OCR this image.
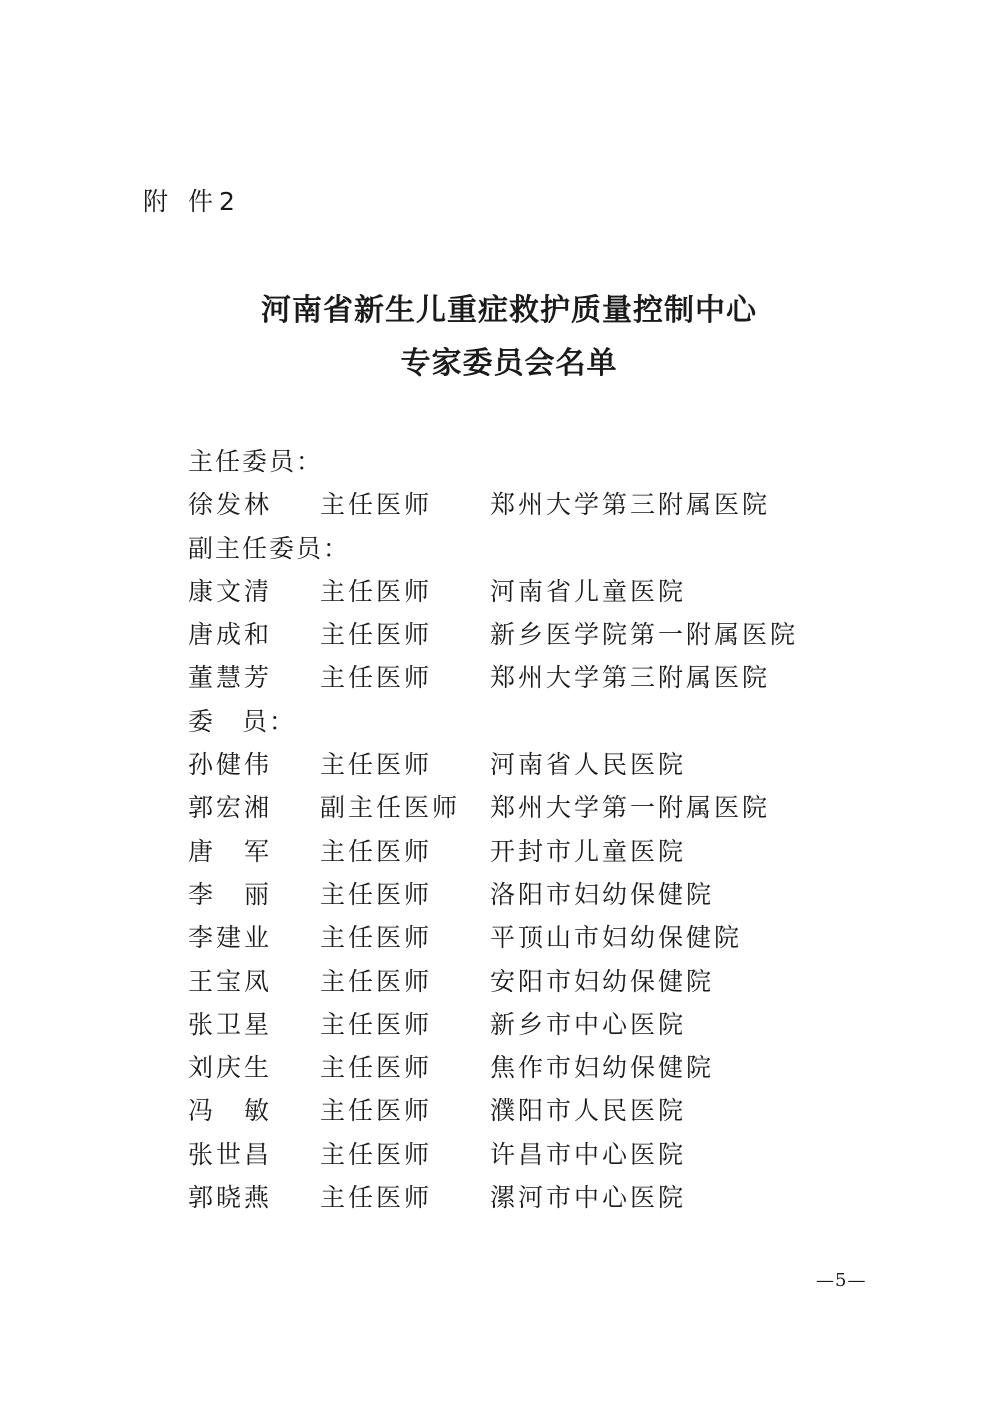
附 件2
河南省新生儿重症救护质量控制中心
专家委员会名单
主任委员：
徐发林 主任医师 郑州大学第三附属医院
副主任委员：
康文清 主任医师 河南省儿童医院
唐成和 主任医师 新乡医学院第一附属医院
董慧芳 主任医师 郑州大学第三附属医院
委　员：
孙健伟 主任医师 河南省人民医院
郭宏湘 副主任医师 郑州大学第一附属医院
唐　军 主任医师 开封市儿童医院
李　丽 主任医师 洛阳市妇幼保健院
李建业 主任医师 平顶山市妇幼保健院
王宝凤 主任医师 安阳市妇幼保健院
张卫星 主任医师 新乡市中心医院
刘庆生 主任医师 焦作市妇幼保健院
冯　敏 主任医师 濮阳市人民医院
张世昌 主任医师 许昌市中心医院
郭晓燕 主任医师 漯河市中心医院
—5—
